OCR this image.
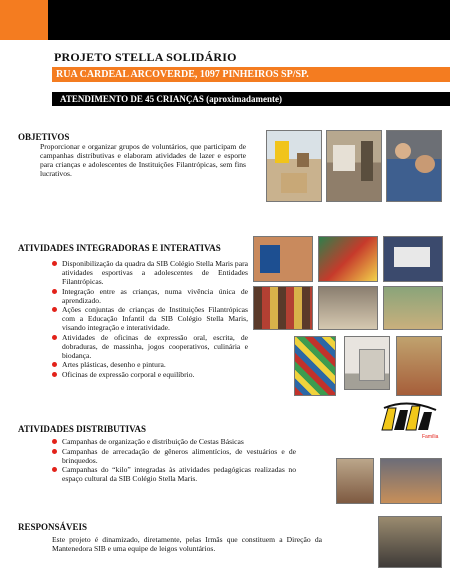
PROJETO STELLA SOLIDÁRIO
RUA CARDEAL ARCOVERDE, 1097 PINHEIROS SP/SP.
ATENDIMENTO DE 45 CRIANÇAS (aproximadamente)
OBJETIVOS
Proporcionar e organizar grupos de voluntários, que participam de campanhas distributivas e elaboram atividades de lazer e esporte para crianças e adolescentes de Instituições Filantrópicas, sem fins lucrativos.
ATIVIDADES INTEGRADORAS E INTERATIVAS
Disponibilização da quadra da SIB Colégio Stella Maris para atividades esportivas a adolescentes de Entidades Filantrópicas.
Integração entre as crianças, numa vivência única de aprendizado.
Ações conjuntas de crianças de Instituições Filantrópicas com a Educação Infantil da SIB Colégio Stella Maris, visando integração e interatividade.
Atividades de oficinas de expressão oral, escrita, de dobraduras, de massinha, jogos cooperativos, culinária e biodança.
Artes plásticas, desenho e pintura.
Oficinas de expressão corporal e equilíbrio.
ATIVIDADES DISTRIBUTIVAS
Campanhas de organização e distribuição de Cestas Básicas
Campanhas de arrecadação de gêneros alimentícios, de vestuários e de brinquedos.
Campanhas do “kilo” integradas às atividades pedagógicas realizadas no espaço cultural da SIB Colégio Stella Maris.
Família
RESPONSÁVEIS
Este projeto é dinamizado, diretamente, pelas Irmãs que constituem a Direção da Mantenedora SIB e uma equipe de leigos voluntários.
